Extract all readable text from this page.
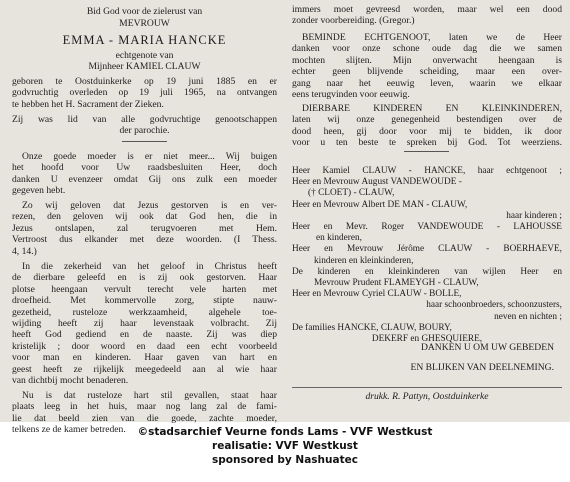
Bid God voor de zielerust van
MEVROUW
EMMA - MARIA HANCKE
echtgenote van
Mijnheer KAMIEL CLAUW
geboren te Oostduinkerke op 19 juni 1885 en er
godvruchtig overleden op 19 juli 1965, na ontvangen
te hebben het H. Sacrament der Zieken.
Zij was lid van alle godvruchtige genootschappen
der parochie.
Onze goede moeder is er niet meer... Wij buigen
het hoofd voor Uw raadsbesluiten Heer, doch
danken U evenzeer omdat Gij ons zulk een moeder
gegeven hebt.
Zo wij geloven dat Jezus gestorven is en ver-
rezen, den geloven wij ook dat God hen, die in
Jezus ontslapen, zal terugvoeren met Hem.
Vertroost dus elkander met deze woorden. (I Thess.
4, 14.)
In die zekerheid van het geloof in Christus heeft
de dierbare geleefd en is zij ook gestorven. Haar
plotse heengaan vervult terecht vele harten met
droefheid. Met kommervolle zorg, stipte nauw-
gezetheid, rusteloze werkzaamheid, algehele toe-
wijding heeft zij haar levenstaak volbracht. Zij
heeft God gediend en de naaste. Zij was diep
kristelijk ; door woord en daad een echt voorbeeld
voor man en kinderen. Haar gaven van hart en
geest heeft ze rijkelijk meegedeeld aan al wie haar
van dichtbij mocht benaderen.
Nu is dat rusteloze hart stil gevallen, staat haar
plaats leeg in het huis, maar nog lang zal de fami-
lie dat beeld zien van die goede, zachte moeder,
telkens ze de kamer betreden.
immers moet gevreesd worden, maar wel een dood
zonder voorbereiding. (Gregor.)
BEMINDE ECHTGENOOT, laten we de Heer
danken voor onze schone oude dag die we samen
mochten slijten. Mijn onverwacht heengaan is
echter geen blijvende scheiding, maar een over-
gang naar het eeuwig leven, waarin we elkaar
eens terugvinden voor eeuwig.
DIERBARE KINDEREN EN KLEINKINDEREN,
laten wij onze genegenheid bestendigen over de
dood heen, gij door voor mij te bidden, ik door
voor u ten beste te spreken bij God. Tot weerziens.
Heer Kamiel CLAUW - HANCKE, haar echtgenoot ;
Heer en Mevrouw August VANDEWOUDE -
(† CLOET) - CLAUW,
Heer en Mevrouw Albert DE MAN - CLAUW,
haar kinderen ;
Heer en Mevr. Roger VANDEWOUDE - LAHOUSSE
en kinderen,
Heer en Mevrouw Jérôme CLAUW - BOERHAEVE,
kinderen en kleinkinderen,
De kinderen en kleinkinderen van wijlen Heer en
Mevrouw Prudent FLAMEYGH - CLAUW,
Heer en Mevrouw Cyriel CLAUW - BOLLE,
haar schoonbroeders, schoonzusters,
neven en nichten ;
De families HANCKE, CLAUW, BOURY,
DEKERF en GHESQUIERE,
DANKEN U OM UW GEBEDEN
EN BLIJKEN VAN DEELNEMING.
drukk. R. Pattyn, Oostduinkerke
©stadsarchief Veurne fonds Lams - VVF Westkust
realisatie: VVF Westkust
sponsored by Nashuatec
